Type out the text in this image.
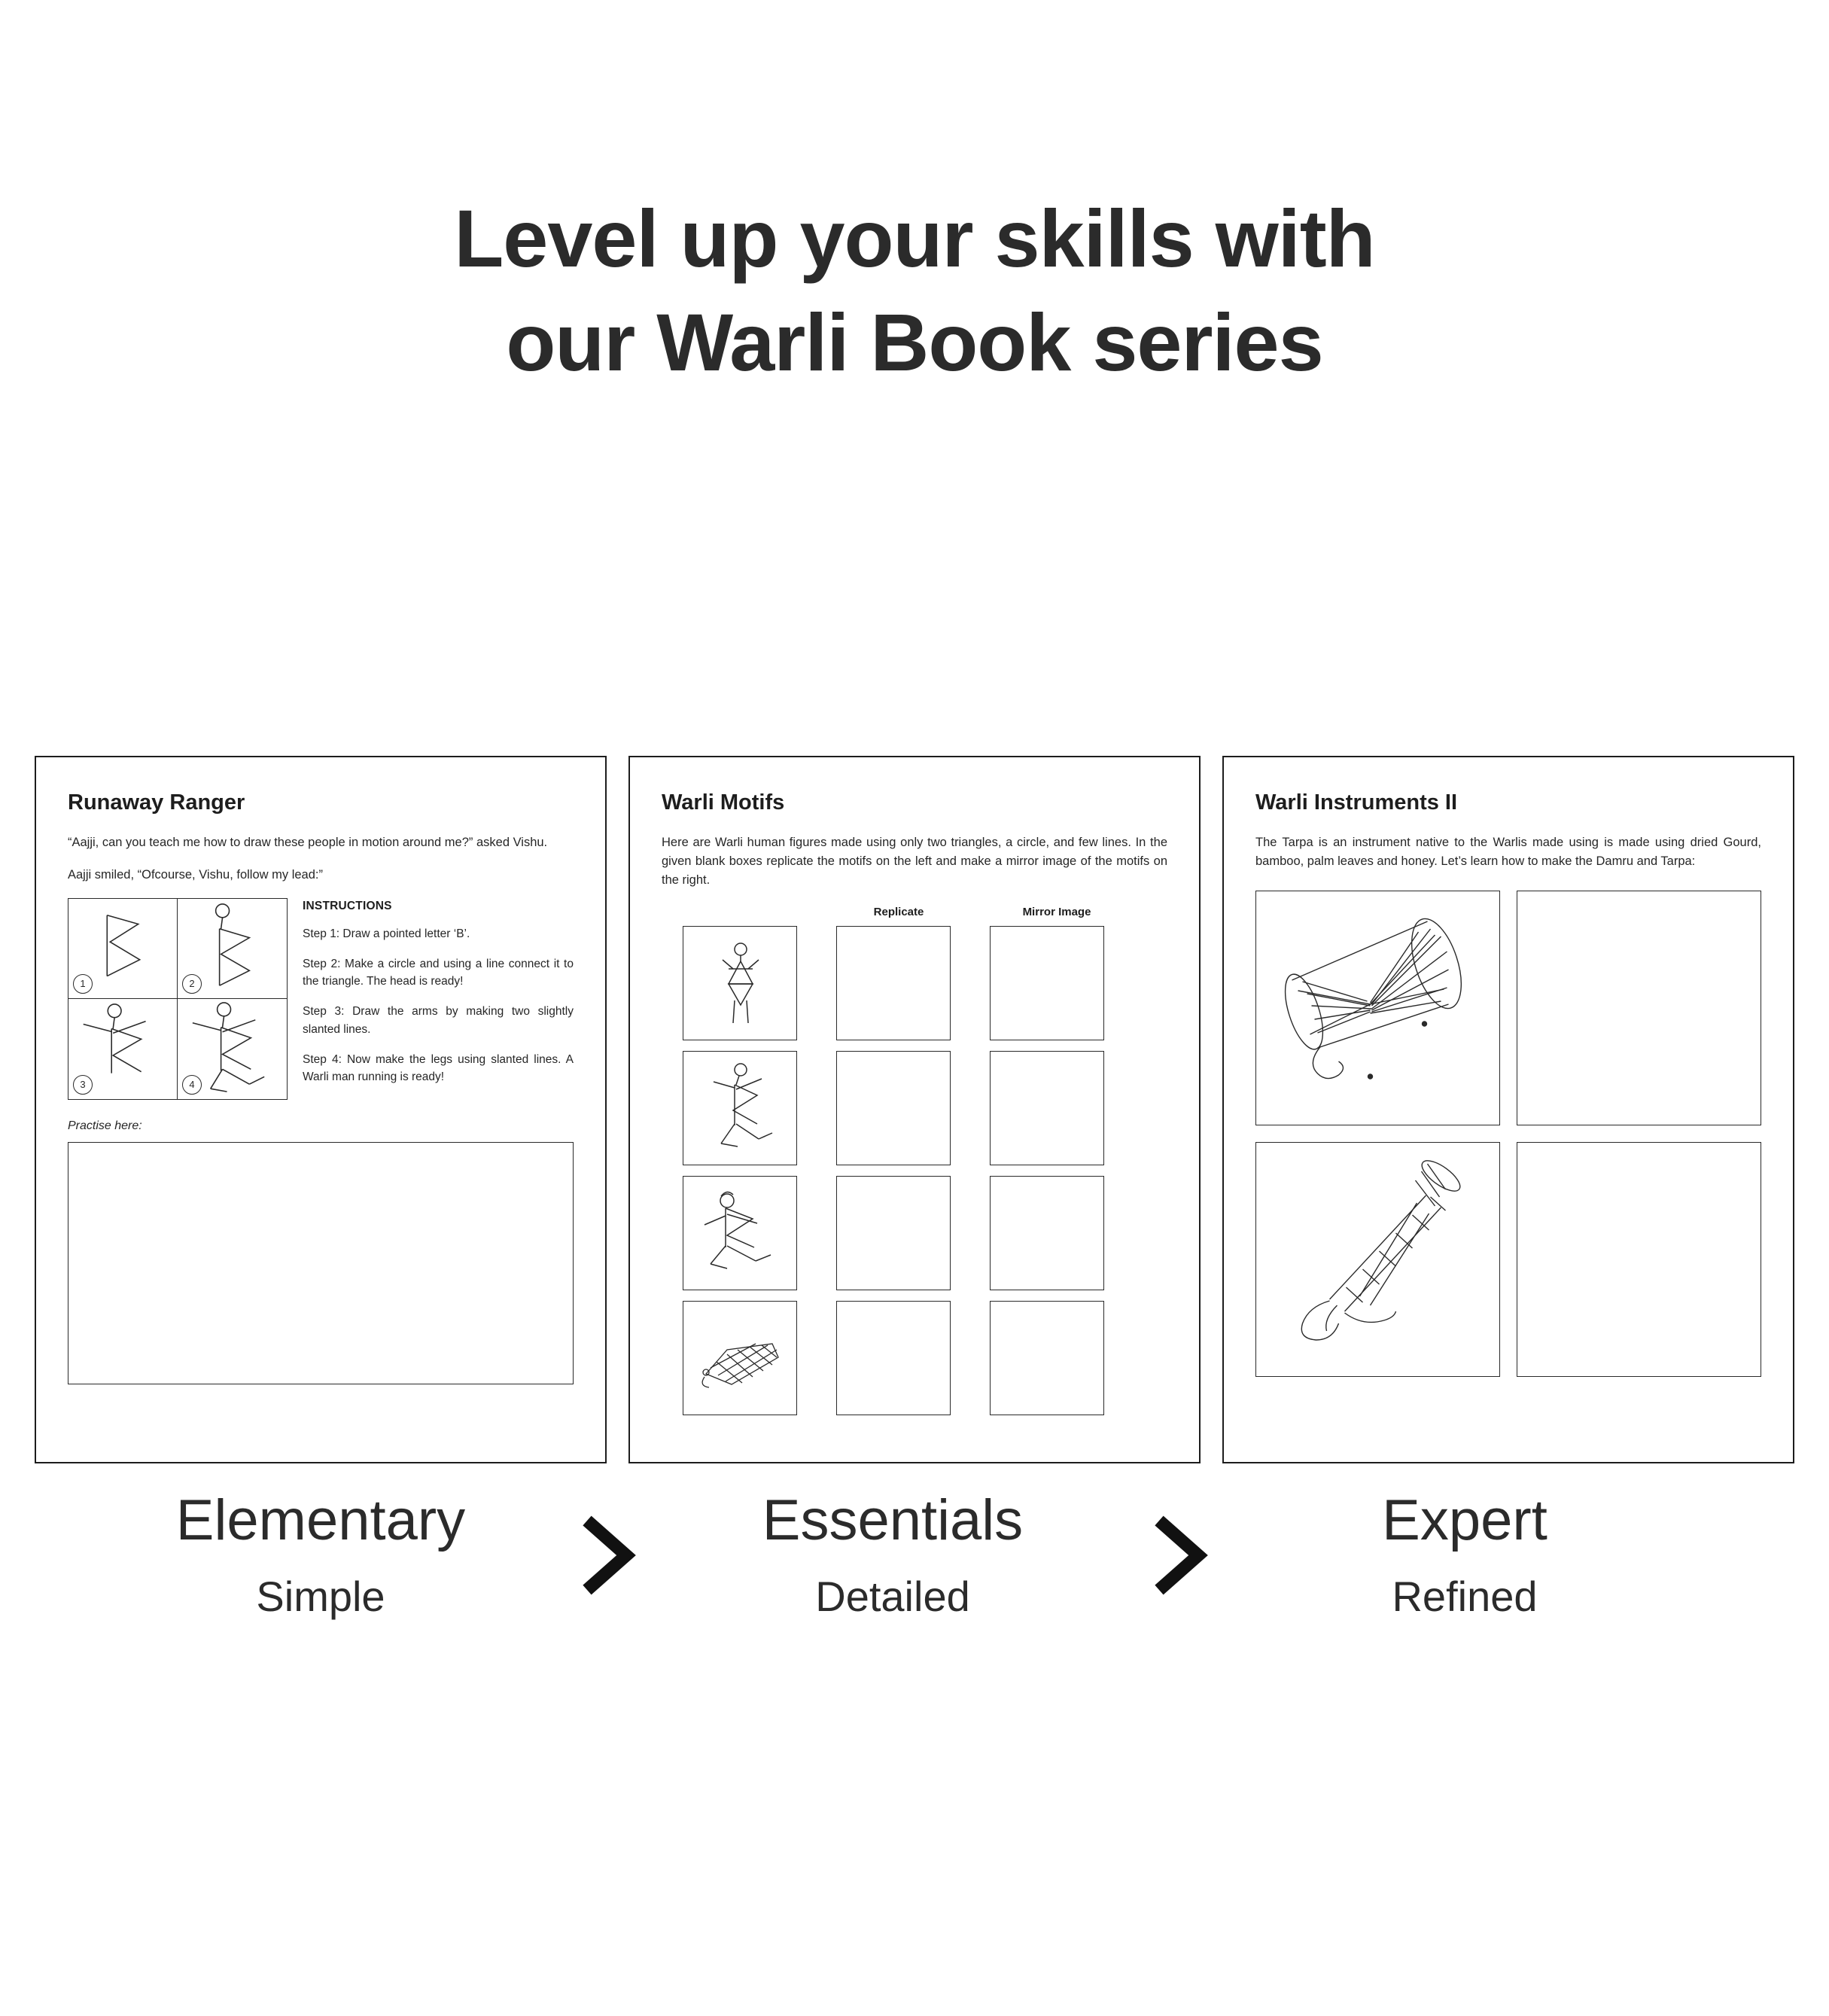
Level up your skills with
our Warli Book series
Runaway Ranger

“Aajji, can you teach me how to draw these people in motion around me?” asked Vishu.

Aajji smiled, “Ofcourse, Vishu, follow my lead:”

1	2
3	4
INSTRUCTIONS

Step 1: Draw a pointed letter ‘B’.

Step 2: Make a circle and using a line connect it to the triangle. The head is ready!

Step 3: Draw the arms by making two slightly slanted lines.

Step 4: Now make the legs using slanted lines. A Warli man running is ready!

Practise here:
Warli Motifs

Here are Warli human figures made using only two triangles, a circle, and few lines. In the given blank boxes replicate the motifs on the left and make a mirror image of the motifs on the right.

Replicate	Mirror Image
Warli Instruments II

The Tarpa is an instrument native to the Warlis made using is made using dried Gourd, bamboo, palm leaves and honey. Let’s learn how to make the Damru and Tarpa:

Elementary
Simple
Essentials
Detailed
Expert
Refined
